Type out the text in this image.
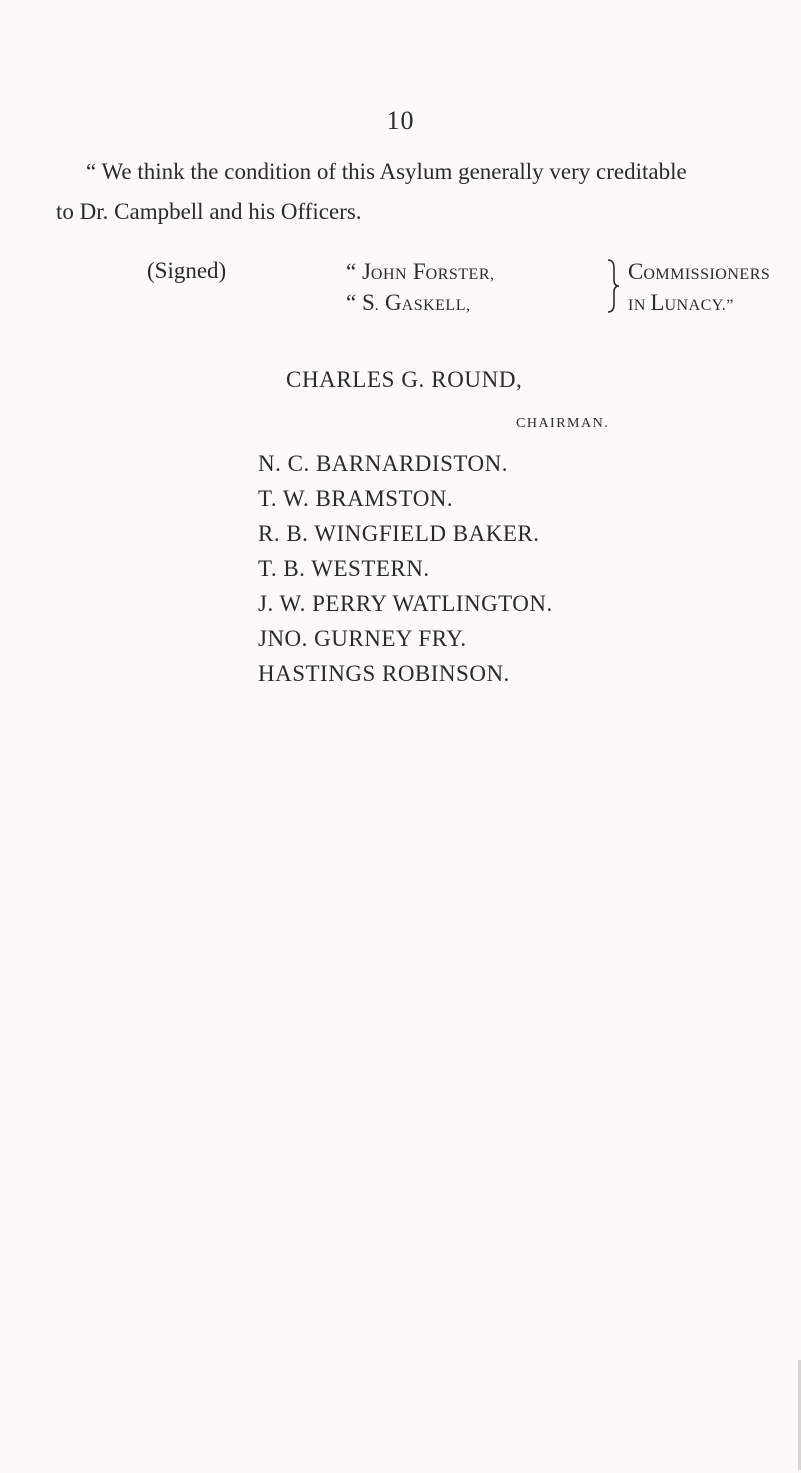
10
“ We think the condition of this Asylum generally very creditable
to Dr. Campbell and his Officers.
(Signed)	“ JOHN FORSTER,
“ S. GASKELL,
COMMISSIONERS
IN LUNACY.”
CHARLES G. ROUND,
CHAIRMAN.
N. C. BARNARDISTON.
T. W. BRAMSTON.
R. B. WINGFIELD BAKER.
T. B. WESTERN.
J. W. PERRY WATLINGTON.
JNO. GURNEY FRY.
HASTINGS ROBINSON.
